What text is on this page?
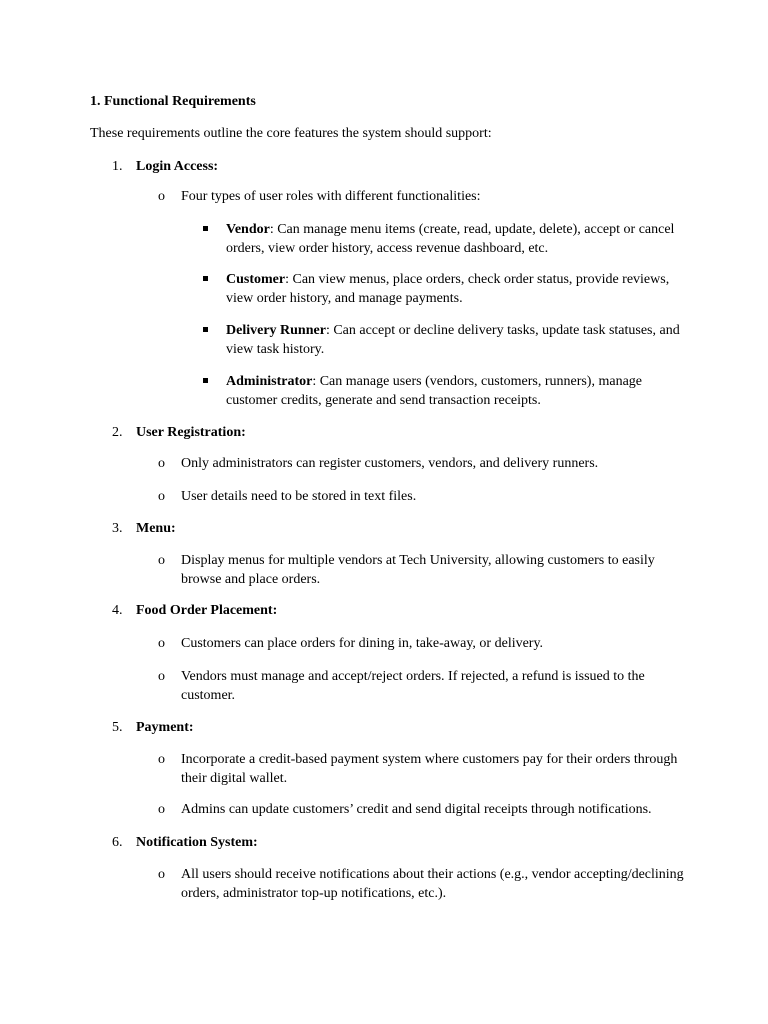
1. Functional Requirements
These requirements outline the core features the system should support:
1. Login Access:
o Four types of user roles with different functionalities:
Vendor: Can manage menu items (create, read, update, delete), accept or cancel orders, view order history, access revenue dashboard, etc.
Customer: Can view menus, place orders, check order status, provide reviews, view order history, and manage payments.
Delivery Runner: Can accept or decline delivery tasks, update task statuses, and view task history.
Administrator: Can manage users (vendors, customers, runners), manage customer credits, generate and send transaction receipts.
2. User Registration:
o Only administrators can register customers, vendors, and delivery runners.
o User details need to be stored in text files.
3. Menu:
o Display menus for multiple vendors at Tech University, allowing customers to easily browse and place orders.
4. Food Order Placement:
o Customers can place orders for dining in, take-away, or delivery.
o Vendors must manage and accept/reject orders. If rejected, a refund is issued to the customer.
5. Payment:
o Incorporate a credit-based payment system where customers pay for their orders through their digital wallet.
o Admins can update customers’ credit and send digital receipts through notifications.
6. Notification System:
o All users should receive notifications about their actions (e.g., vendor accepting/declining orders, administrator top-up notifications, etc.).
